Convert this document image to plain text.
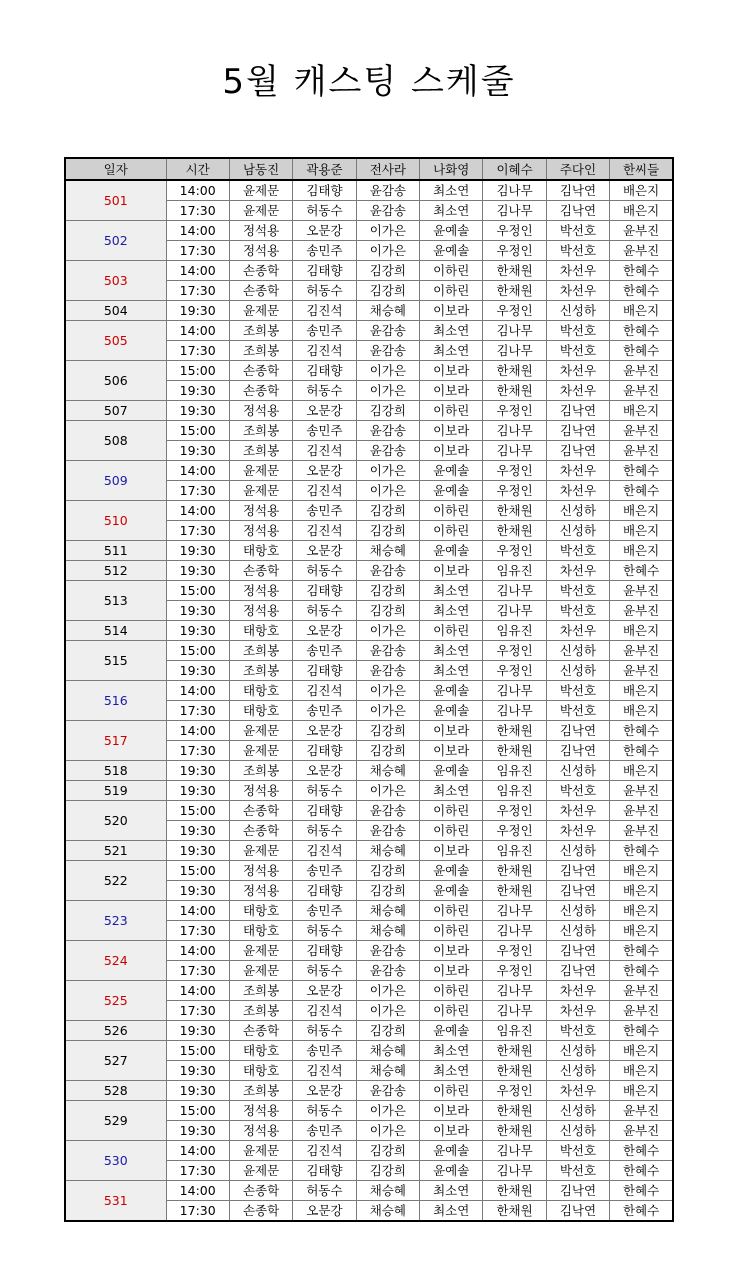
5월 캐스팅 스케줄
일자	시간	남동진	곽용준	전사라	나화영	이혜수	주다인	한씨들
501	14:00	윤제문	김태향	윤감송	최소연	김나무	김낙연	배은지
	17:30	윤제문	허동수	윤감송	최소연	김나무	김낙연	배은지
502	14:00	정석용	오문강	이가은	윤예솔	우정인	박선호	윤부진
	17:30	정석용	송민주	이가은	윤예솔	우정인	박선호	윤부진
503	14:00	손종학	김태향	김강희	이하린	한채원	차선우	한혜수
	17:30	손종학	허동수	김강희	이하린	한채원	차선우	한혜수
504	19:30	윤제문	김진석	채승혜	이보라	우정인	신성하	배은지
505	14:00	조희봉	송민주	윤감송	최소연	김나무	박선호	한혜수
	17:30	조희봉	김진석	윤감송	최소연	김나무	박선호	한혜수
506	15:00	손종학	김태향	이가은	이보라	한채원	차선우	윤부진
	19:30	손종학	허동수	이가은	이보라	한채원	차선우	윤부진
507	19:30	정석용	오문강	김강희	이하린	우정인	김낙연	배은지
508	15:00	조희봉	송민주	윤감송	이보라	김나무	김낙연	윤부진
	19:30	조희봉	김진석	윤감송	이보라	김나무	김낙연	윤부진
509	14:00	윤제문	오문강	이가은	윤예솔	우정인	차선우	한혜수
	17:30	윤제문	김진석	이가은	윤예솔	우정인	차선우	한혜수
510	14:00	정석용	송민주	김강희	이하린	한채원	신성하	배은지
	17:30	정석용	김진석	김강희	이하린	한채원	신성하	배은지
511	19:30	태항호	오문강	채승혜	윤예솔	우정인	박선호	배은지
512	19:30	손종학	허동수	윤감송	이보라	임유진	차선우	한혜수
513	15:00	정석용	김태향	김강희	최소연	김나무	박선호	윤부진
	19:30	정석용	허동수	김강희	최소연	김나무	박선호	윤부진
514	19:30	태항호	오문강	이가은	이하린	임유진	차선우	배은지
515	15:00	조희봉	송민주	윤감송	최소연	우정인	신성하	윤부진
	19:30	조희봉	김태향	윤감송	최소연	우정인	신성하	윤부진
516	14:00	태항호	김진석	이가은	윤예솔	김나무	박선호	배은지
	17:30	태항호	송민주	이가은	윤예솔	김나무	박선호	배은지
517	14:00	윤제문	오문강	김강희	이보라	한채원	김낙연	한혜수
	17:30	윤제문	김태향	김강희	이보라	한채원	김낙연	한혜수
518	19:30	조희봉	오문강	채승혜	윤예솔	임유진	신성하	배은지
519	19:30	정석용	허동수	이가은	최소연	임유진	박선호	윤부진
520	15:00	손종학	김태향	윤감송	이하린	우정인	차선우	윤부진
	19:30	손종학	허동수	윤감송	이하린	우정인	차선우	윤부진
521	19:30	윤제문	김진석	채승혜	이보라	임유진	신성하	한혜수
522	15:00	정석용	송민주	김강희	윤예솔	한채원	김낙연	배은지
	19:30	정석용	김태향	김강희	윤예솔	한채원	김낙연	배은지
523	14:00	태항호	송민주	채승혜	이하린	김나무	신성하	배은지
	17:30	태항호	허동수	채승혜	이하린	김나무	신성하	배은지
524	14:00	윤제문	김태향	윤감송	이보라	우정인	김낙연	한혜수
	17:30	윤제문	허동수	윤감송	이보라	우정인	김낙연	한혜수
525	14:00	조희봉	오문강	이가은	이하린	김나무	차선우	윤부진
	17:30	조희봉	김진석	이가은	이하린	김나무	차선우	윤부진
526	19:30	손종학	허동수	김강희	윤예솔	임유진	박선호	한혜수
527	15:00	태항호	송민주	채승혜	최소연	한채원	신성하	배은지
	19:30	태항호	김진석	채승혜	최소연	한채원	신성하	배은지
528	19:30	조희봉	오문강	윤감송	이하린	우정인	차선우	배은지
529	15:00	정석용	허동수	이가은	이보라	한채원	신성하	윤부진
	19:30	정석용	송민주	이가은	이보라	한채원	신성하	윤부진
530	14:00	윤제문	김진석	김강희	윤예솔	김나무	박선호	한혜수
	17:30	윤제문	김태향	김강희	윤예솔	김나무	박선호	한혜수
531	14:00	손종학	허동수	채승혜	최소연	한채원	김낙연	한혜수
	17:30	손종학	오문강	채승혜	최소연	한채원	김낙연	한혜수
